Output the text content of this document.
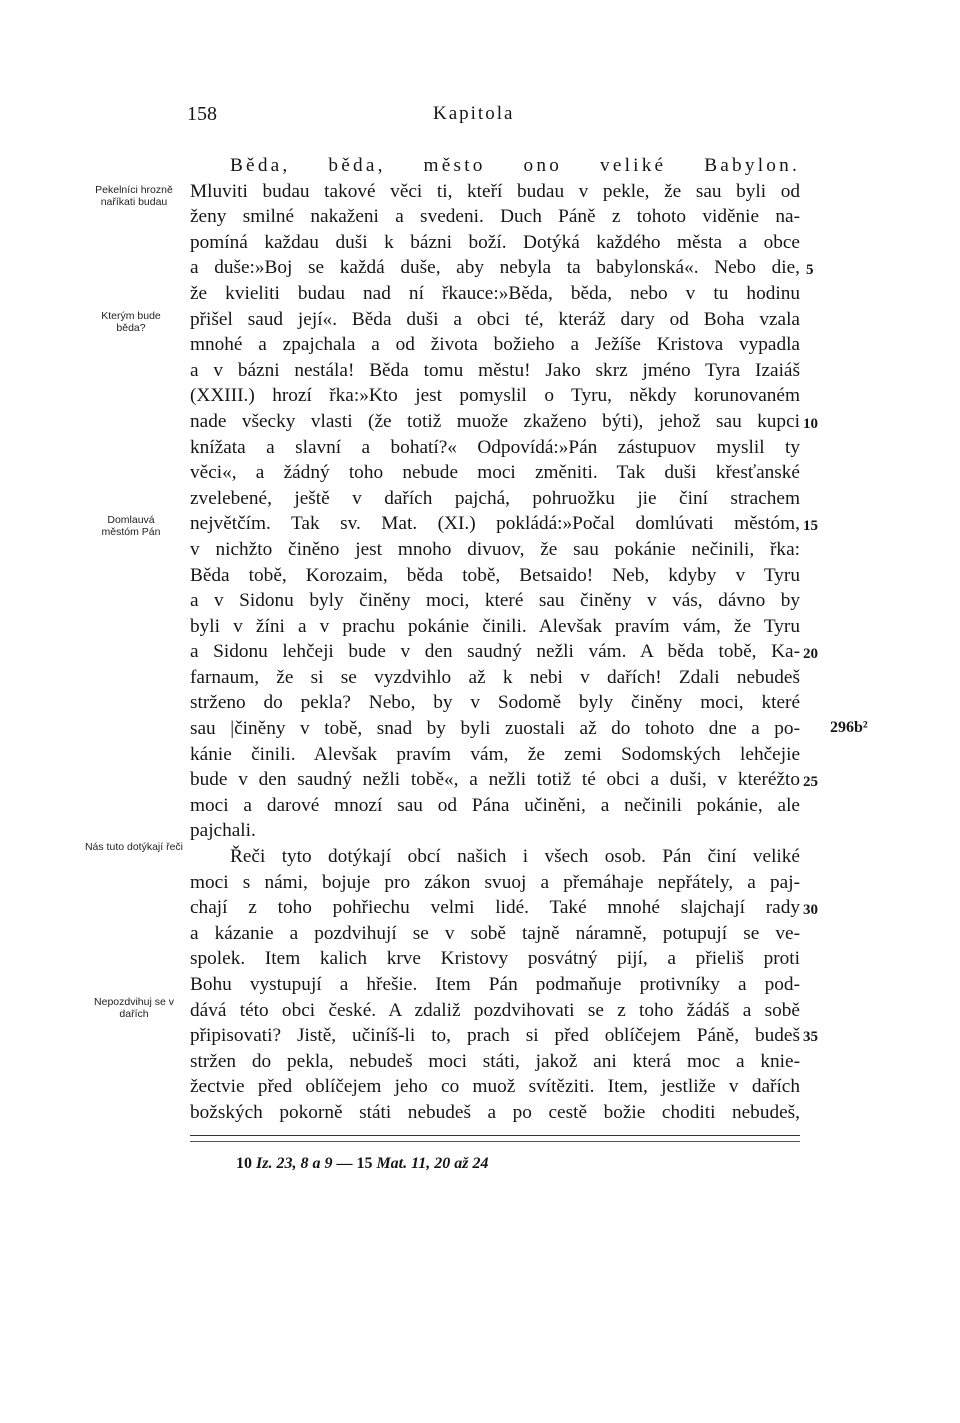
158	Kapitola
Běda, běda, město ono veliké Babylon.
Mluviti budau takové věci ti, kteří budau v pekle, že sau byli od
ženy smilné nakaženi a svedeni. Duch Páně z tohoto viděnie na-
pomíná každau duši k bázni boží. Dotýká každého města a obce
a duše:»Boj se každá duše, aby nebyla ta babylonská«. Nebo die,
že kvieliti budau nad ní řkauce:»Běda, běda, nebo v tu hodinu
přišel saud její«. Běda duši a obci té, kteráž dary od Boha vzala
mnohé a zpajchala a od života božieho a Ježíše Kristova vypadla
a v bázni nestála! Běda tomu městu! Jako skrz jméno Tyra Izaiáš
(XXIII.) hrozí řka:»Kto jest pomyslil o Tyru, někdy korunovaném
nade všecky vlasti (že totiž muože zkaženo býti), jehož sau kupci
knížata a slavní a bohatí?« Odpovídá:»Pán zástupuov myslil ty
věci«, a žádný toho nebude moci změniti. Tak duši křesťanské
zvelebené, ještě v dařích pajchá, pohruožku jie činí strachem
největčím. Tak sv. Mat. (XI.) pokládá:»Počal domlúvati městóm,
v nichžto činěno jest mnoho divuov, že sau pokánie nečinili, řka:
Běda tobě, Korozaim, běda tobě, Betsaido! Neb, kdyby v Tyru
a v Sidonu byly činěny moci, které sau činěny v vás, dávno by
byli v žíni a v prachu pokánie činili. Alevšak pravím vám, že Tyru
a Sidonu lehčeji bude v den saudný nežli vám. A běda tobě, Ka-
farnaum, že si se vyzdvihlo až k nebi v dařích! Zdali nebudeš
strženo do pekla? Nebo, by v Sodomě byly činěny moci, které
sau |činěny v tobě, snad by byli zuostali až do tohoto dne a po-
kánie činili. Alevšak pravím vám, že zemi Sodomských lehčejie
bude v den saudný nežli tobě«, a nežli totiž té obci a duši, v kteréžto
moci a darové mnozí sau od Pána učiněni, a nečinili pokánie, ale
pajchali.
Řeči tyto dotýkají obcí našich i všech osob. Pán činí veliké
moci s námi, bojuje pro zákon svuoj a přemáhaje nepřátely, a paj-
chají z toho pohřiechu velmi lidé. Také mnohé slajchají rady
a kázanie a pozdvihují se v sobě tajně náramně, potupují se ve-
spolek. Item kalich krve Kristovy posvátný pijí, a přieliš proti
Bohu vystupují a hřešie. Item Pán podmaňuje protivníky a pod-
dává této obci české. A zdaliž pozdvihovati se z toho žádáš a sobě
připisovati? Jistě, učiníš-li to, prach si před oblíčejem Páně, budeš
stržen do pekla, nebudeš moci státi, jakož ani která moc a knie-
žectvie před oblíčejem jeho co muož svítěziti. Item, jestliže v dařích
božských pokorně státi nebudeš a po cestě božie choditi nebudeš,
Pekelníci hrozně naříkati budau
Kterým bude běda?
Domlauvá městóm Pán
Nás tuto dotýkají řeči
Nepozdvihuj se v dařích
5
10
15
20
25
30
35
296b²
10 Iz. 23, 8 a 9 — 15 Mat. 11, 20 až 24
